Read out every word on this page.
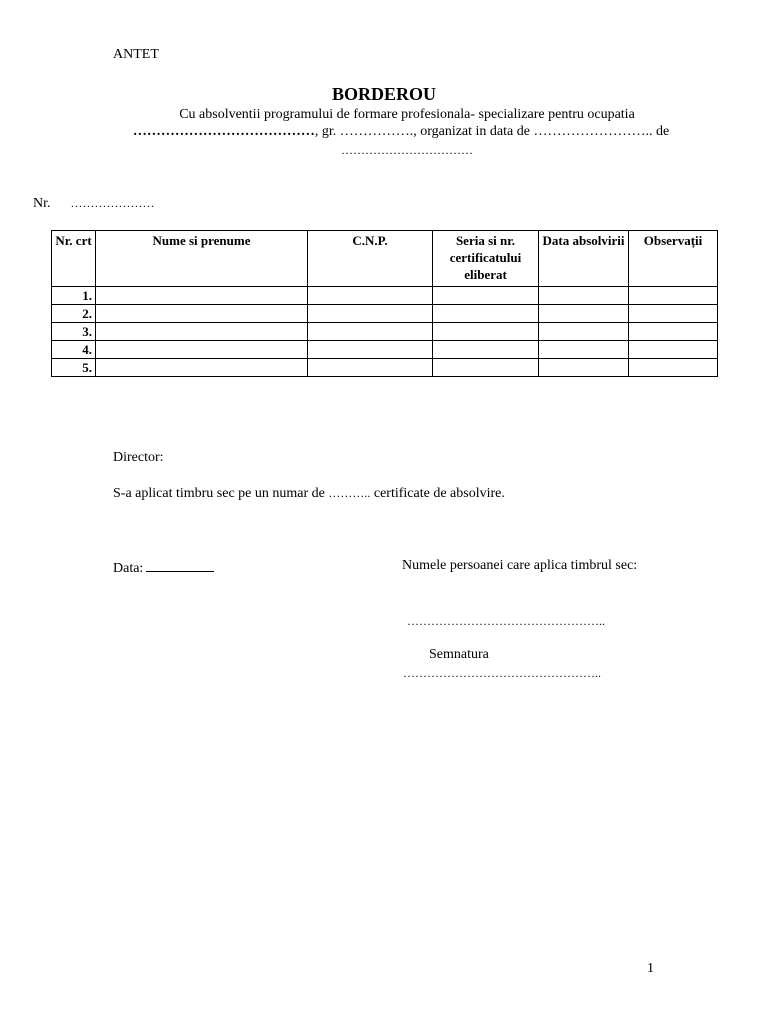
ANTET
BORDEROU
Cu absolventii programului de formare profesionala- specializare pentru ocupatia
…………………………………, gr. ……………., organizat in data de …………………….. de
……………………………
Nr. …………………
Nr. crt	Nume si prenume	C.N.P.	Seria si nr. certificatului eliberat	Data absolvirii	Observații
1.					
2.					
3.					
4.					
5.					
Director:
S-a aplicat timbru sec pe un numar de ……….. certificate de absolvire.
Data:	Numele persoanei care aplica timbrul sec:
…………………………………………..
Semnatura
…………………………………………..
1
